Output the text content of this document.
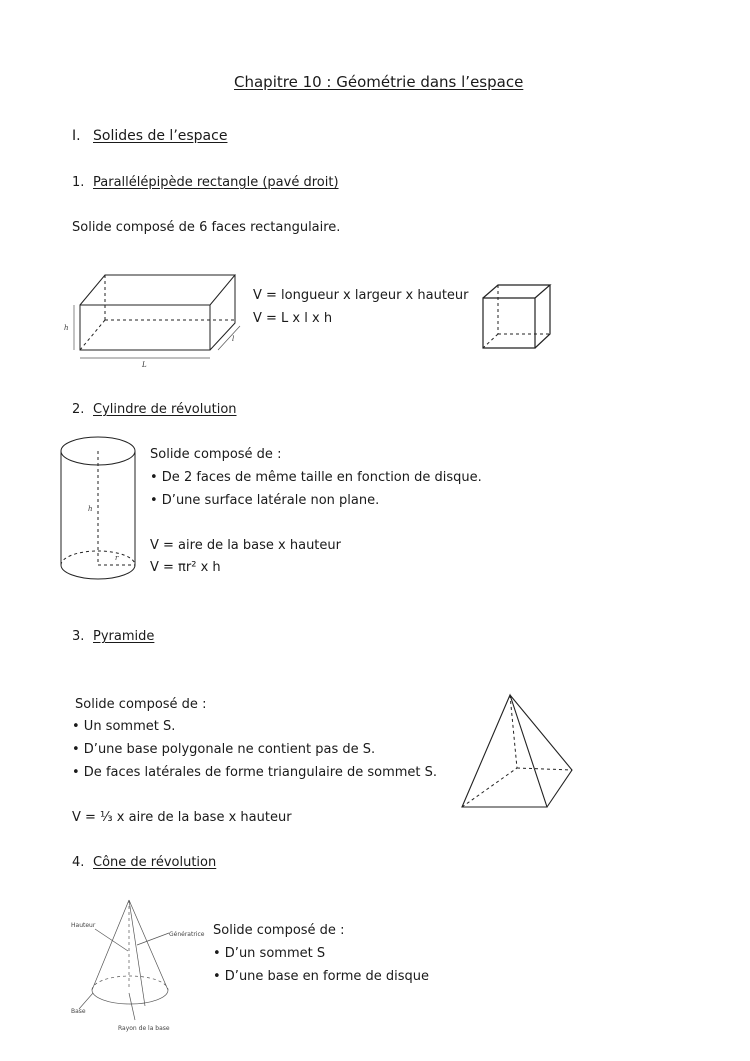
Chapitre 10 : Géométrie dans l’espace
I. Solides de l’espace
1. Parallélépipède rectangle (pavé droit)
Solide composé de 6 faces rectangulaire.
h
L
l
V = longueur x largeur x hauteur
V = L x l x h
2. Cylindre de révolution
h
r
Solide composé de :
• De 2 faces de même taille en fonction de disque.
• D’une surface latérale non plane.
V = aire de la base x hauteur
V = πr² x h
3. Pyramide
Solide composé de :
• Un sommet S.
• D’une base polygonale ne contient pas de S.
• De faces latérales de forme triangulaire de sommet S.
V = ⅓ x aire de la base x hauteur
4. Cône de révolution
Hauteur
Génératrice
Base
Rayon de la base
Solide composé de :
• D’un sommet S
• D’une base en forme de disque
